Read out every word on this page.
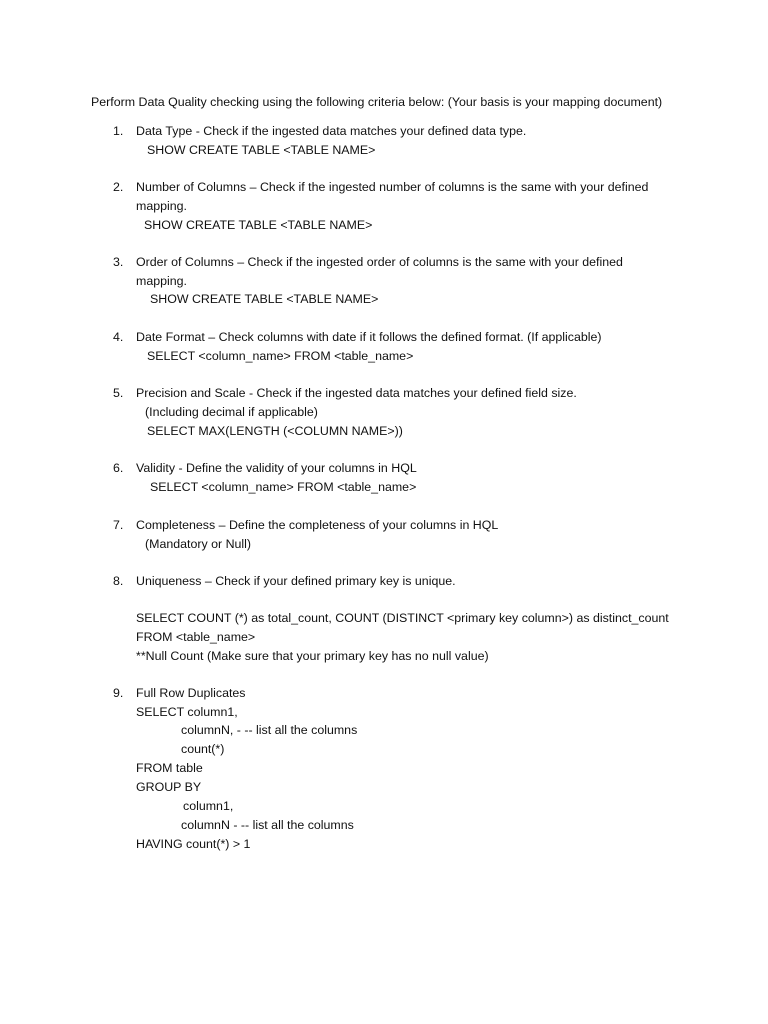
Perform Data Quality checking using the following criteria below: (Your basis is your mapping document)
1. Data Type - Check if the ingested data matches your defined data type.
SHOW CREATE TABLE <TABLE NAME>
2. Number of Columns – Check if the ingested number of columns is the same with your defined
mapping.
SHOW CREATE TABLE <TABLE NAME>
3. Order of Columns – Check if the ingested order of columns is the same with your defined
mapping.
SHOW CREATE TABLE <TABLE NAME>
4. Date Format – Check columns with date if it follows the defined format. (If applicable)
SELECT <column_name> FROM <table_name>
5. Precision and Scale - Check if the ingested data matches your defined field size.
(Including decimal if applicable)
SELECT MAX(LENGTH (<COLUMN NAME>))
6. Validity - Define the validity of your columns in HQL
SELECT <column_name> FROM <table_name>
7. Completeness – Define the completeness of your columns in HQL
(Mandatory or Null)
8. Uniqueness – Check if your defined primary key is unique.
SELECT COUNT (*) as total_count, COUNT (DISTINCT <primary key column>) as distinct_count
FROM <table_name>
**Null Count (Make sure that your primary key has no null value)
9. Full Row Duplicates
SELECT column1,
columnN, - -- list all the columns
count(*)
FROM table
GROUP BY
column1,
columnN - -- list all the columns
HAVING count(*) > 1
